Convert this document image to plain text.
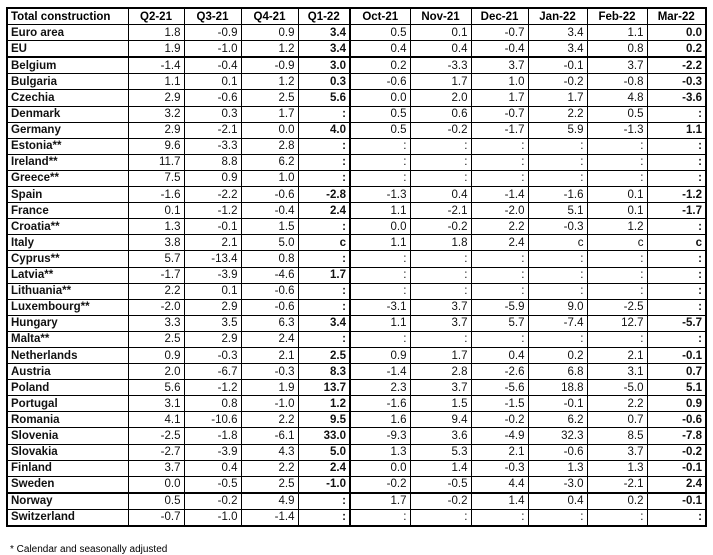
Total construction	Q2-21	Q3-21	Q4-21	Q1-22	Oct-21	Nov-21	Dec-21	Jan-22	Feb-22	Mar-22
Euro area	1.8	-0.9	0.9	3.4	0.5	0.1	-0.7	3.4	1.1	0.0
EU	1.9	-1.0	1.2	3.4	0.4	0.4	-0.4	3.4	0.8	0.2
Belgium	-1.4	-0.4	-0.9	3.0	0.2	-3.3	3.7	-0.1	3.7	-2.2
Bulgaria	1.1	0.1	1.2	0.3	-0.6	1.7	1.0	-0.2	-0.8	-0.3
Czechia	2.9	-0.6	2.5	5.6	0.0	2.0	1.7	1.7	4.8	-3.6
Denmark	3.2	0.3	1.7	:	0.5	0.6	-0.7	2.2	0.5	:
Germany	2.9	-2.1	0.0	4.0	0.5	-0.2	-1.7	5.9	-1.3	1.1
Estonia**	9.6	-3.3	2.8	:	:	:	:	:	:	:
Ireland**	11.7	8.8	6.2	:	:	:	:	:	:	:
Greece**	7.5	0.9	1.0	:	:	:	:	:	:	:
Spain	-1.6	-2.2	-0.6	-2.8	-1.3	0.4	-1.4	-1.6	0.1	-1.2
France	0.1	-1.2	-0.4	2.4	1.1	-2.1	-2.0	5.1	0.1	-1.7
Croatia**	1.3	-0.1	1.5	:	0.0	-0.2	2.2	-0.3	1.2	:
Italy	3.8	2.1	5.0	c	1.1	1.8	2.4	c	c	c
Cyprus**	5.7	-13.4	0.8	:	:	:	:	:	:	:
Latvia**	-1.7	-3.9	-4.6	1.7	:	:	:	:	:	:
Lithuania**	2.2	0.1	-0.6	:	:	:	:	:	:	:
Luxembourg**	-2.0	2.9	-0.6	:	-3.1	3.7	-5.9	9.0	-2.5	:
Hungary	3.3	3.5	6.3	3.4	1.1	3.7	5.7	-7.4	12.7	-5.7
Malta**	2.5	2.9	2.4	:	:	:	:	:	:	:
Netherlands	0.9	-0.3	2.1	2.5	0.9	1.7	0.4	0.2	2.1	-0.1
Austria	2.0	-6.7	-0.3	8.3	-1.4	2.8	-2.6	6.8	3.1	0.7
Poland	5.6	-1.2	1.9	13.7	2.3	3.7	-5.6	18.8	-5.0	5.1
Portugal	3.1	0.8	-1.0	1.2	-1.6	1.5	-1.5	-0.1	2.2	0.9
Romania	4.1	-10.6	2.2	9.5	1.6	9.4	-0.2	6.2	0.7	-0.6
Slovenia	-2.5	-1.8	-6.1	33.0	-9.3	3.6	-4.9	32.3	8.5	-7.8
Slovakia	-2.7	-3.9	4.3	5.0	1.3	5.3	2.1	-0.6	3.7	-0.2
Finland	3.7	0.4	2.2	2.4	0.0	1.4	-0.3	1.3	1.3	-0.1
Sweden	0.0	-0.5	2.5	-1.0	-0.2	-0.5	4.4	-3.0	-2.1	2.4
Norway	0.5	-0.2	4.9	:	1.7	-0.2	1.4	0.4	0.2	-0.1
Switzerland	-0.7	-1.0	-1.4	:	:	:	:	:	:	:
* Calendar and seasonally adjusted
